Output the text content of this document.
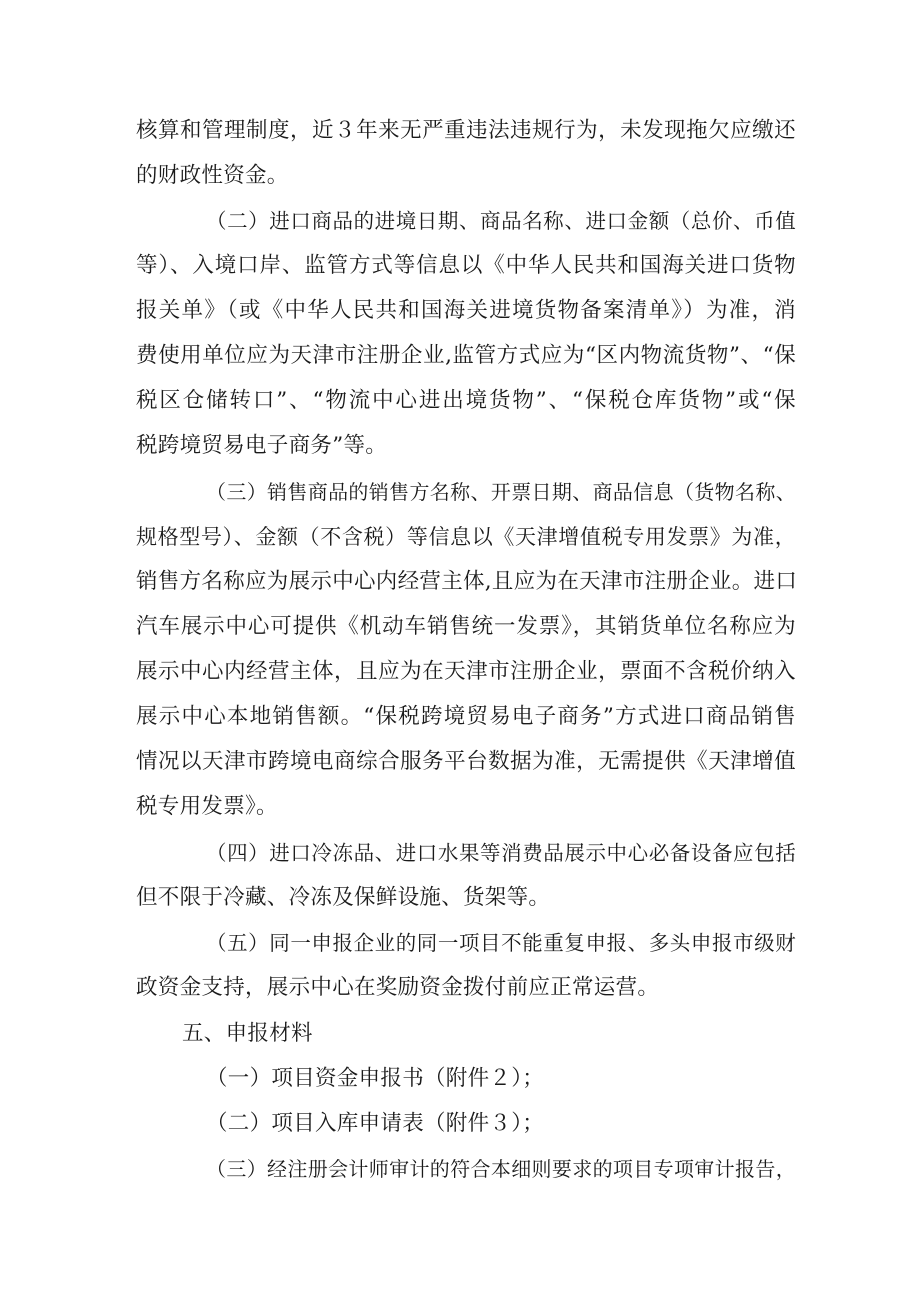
核算和管理制度，近３年来无严重违法违规行为，未发现拖欠应缴还
的财政性资金。
（二）进口商品的进境日期、商品名称、进口金额（总价、币值
等）、入境口岸、监管方式等信息以《中华人民共和国海关进口货物
报关单》（或《中华人民共和国海关进境货物备案清单》）为准，消
费使用单位应为天津市注册企业,监管方式应为“区内物流货物”、“保
税区仓储转口”、“物流中心进出境货物”、“保税仓库货物”或“保
税跨境贸易电子商务”等。
（三）销售商品的销售方名称、开票日期、商品信息（货物名称、
规格型号）、金额（不含税）等信息以《天津增值税专用发票》为准，
销售方名称应为展示中心内经营主体,且应为在天津市注册企业。进口
汽车展示中心可提供《机动车销售统一发票》，其销货单位名称应为
展示中心内经营主体，且应为在天津市注册企业，票面不含税价纳入
展示中心本地销售额。“保税跨境贸易电子商务”方式进口商品销售
情况以天津市跨境电商综合服务平台数据为准，无需提供《天津增值
税专用发票》。
（四）进口冷冻品、进口水果等消费品展示中心必备设备应包括
但不限于冷藏、冷冻及保鲜设施、货架等。
（五）同一申报企业的同一项目不能重复申报、多头申报市级财
政资金支持，展示中心在奖励资金拨付前应正常运营。
五、申报材料
（一）项目资金申报书（附件２）；
（二）项目入库申请表（附件３）；
（三）经注册会计师审计的符合本细则要求的项目专项审计报告，
